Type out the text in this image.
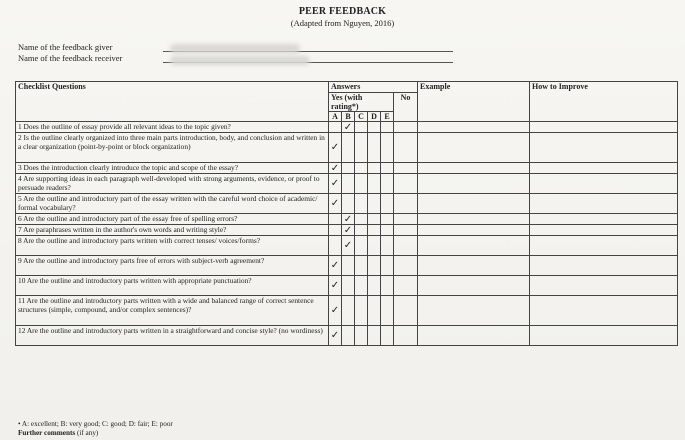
PEER FEEDBACK
(Adapted from Nguyen, 2016)
Name of the feedback giver
Name of the feedback receiver
Checklist Questions	Answers						Example	How to Improve
	Yes (with rating*)					No		
	A	B	C	D	E			
1 Does the outline of essay provide all relevant ideas to the topic given?		✓						
2 Is the outline clearly organized into three main parts introduction, body, and conclusion and written in a clear organization (point-by-point or block organization)	✓							
3 Does the introduction clearly introduce the topic and scope of the essay?	✓							
4 Are supporting ideas in each paragraph well-developed with strong arguments, evidence, or proof to persuade readers?	✓							
5 Are the outline and introductory part of the essay written with the careful word choice of academic/ formal vocabulary?	✓							
6 Are the outline and introductory part of the essay free of spelling errors?		✓						
7 Are paraphrases written in the author's own words and writing style?		✓						
8 Are the outline and introductory parts written with correct tenses/ voices/forms?		✓						
9 Are the outline and introductory parts free of errors with subject-verb agreement?	✓							
10 Are the outline and introductory parts written with appropriate punctuation?	✓							
11 Are the outline and introductory parts written with a wide and balanced range of correct sentence structures (simple, compound, and/or complex sentences)?	✓							
12 Are the outline and introductory parts written in a straightforward and concise style? (no wordiness)	✓							
• A: excellent; B: very good; C: good; D: fair; E: poor
Further comments (if any)
